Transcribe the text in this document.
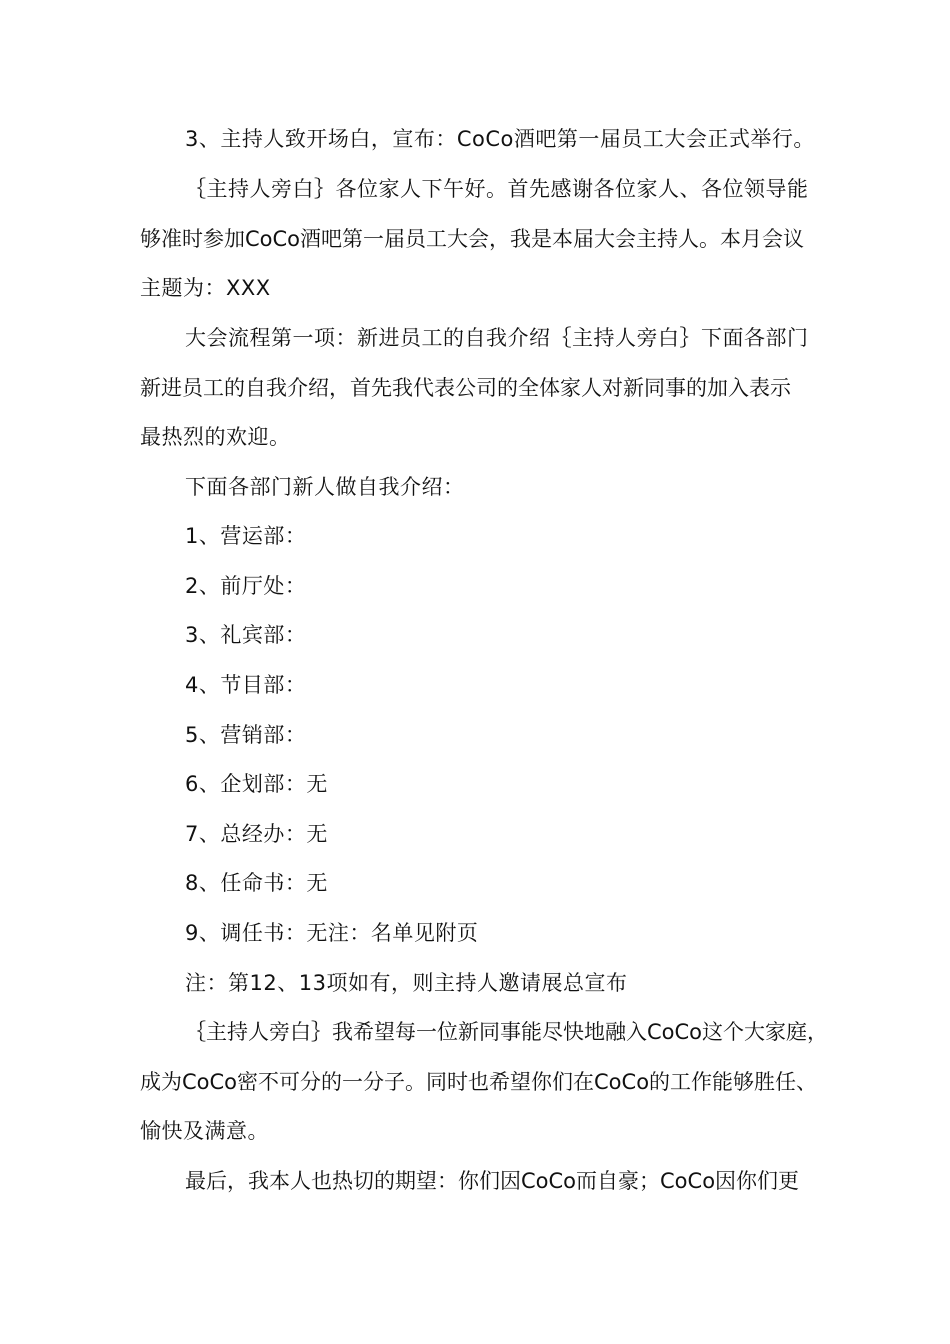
3、主持人致开场白，宣布：CoCo酒吧第一届员工大会正式举行。
｛主持人旁白｝各位家人下午好。首先感谢各位家人、各位领导能
够准时参加CoCo酒吧第一届员工大会，我是本届大会主持人。本月会议
主题为：XXX
大会流程第一项：新进员工的自我介绍｛主持人旁白｝下面各部门
新进员工的自我介绍，首先我代表公司的全体家人对新同事的加入表示
最热烈的欢迎。
下面各部门新人做自我介绍：
1、营运部：
2、前厅处：
3、礼宾部：
4、节目部：
5、营销部：
6、企划部：无
7、总经办：无
8、任命书：无
9、调任书：无注：名单见附页
注：第12、13项如有，则主持人邀请展总宣布
｛主持人旁白｝我希望每一位新同事能尽快地融入CoCo这个大家庭，
成为CoCo密不可分的一分子。同时也希望你们在CoCo的工作能够胜任、
愉快及满意。
最后，我本人也热切的期望：你们因CoCo而自豪；CoCo因你们更
